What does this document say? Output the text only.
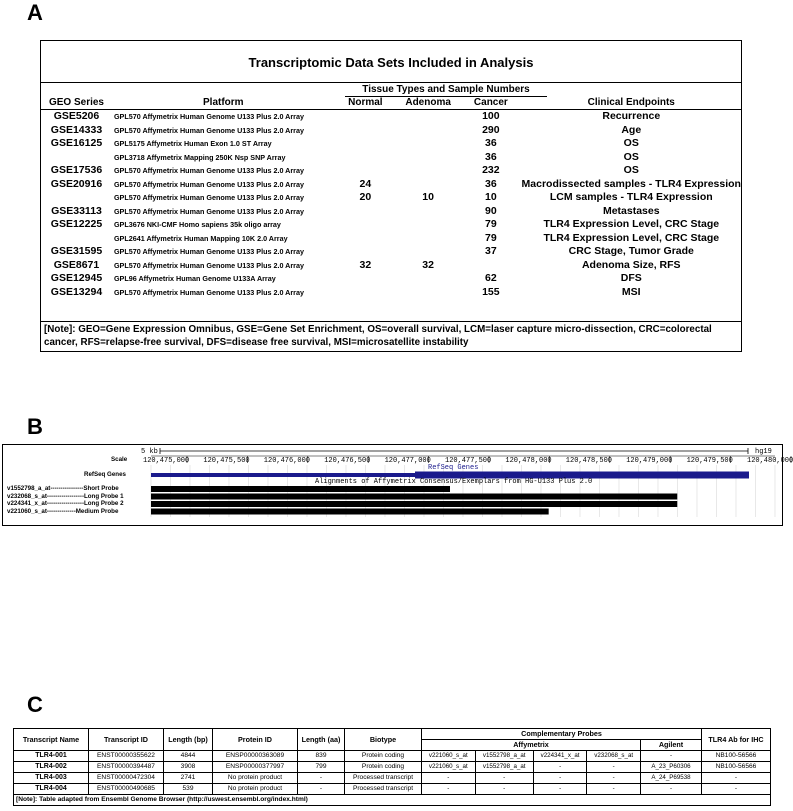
A
Transcriptomic Data Sets Included in Analysis
Tissue Types and Sample Numbers
GEO Series	Platform	Normal	Adenoma	Cancer	Clinical Endpoints
GSE5206	GPL570 Affymetrix Human Genome U133 Plus 2.0 Array			100	Recurrence
GSE14333	GPL570 Affymetrix Human Genome U133 Plus 2.0 Array			290	Age
GSE16125	GPL5175 Affymetrix Human Exon 1.0 ST Array			36	OS
	GPL3718 Affymetrix Mapping 250K Nsp SNP Array			36	OS
GSE17536	GPL570 Affymetrix Human Genome U133 Plus 2.0 Array			232	OS
GSE20916	GPL570 Affymetrix Human Genome U133 Plus 2.0 Array	24		36	Macrodissected samples - TLR4 Expression
	GPL570 Affymetrix Human Genome U133 Plus 2.0 Array	20	10	10	LCM samples - TLR4 Expression
GSE33113	GPL570 Affymetrix Human Genome U133 Plus 2.0 Array			90	Metastases
GSE12225	GPL3676 NKI-CMF Homo sapiens 35k oligo array			79	TLR4 Expression Level, CRC Stage
	GPL2641 Affymetrix Human Mapping 10K 2.0 Array			79	TLR4 Expression Level, CRC Stage
GSE31595	GPL570 Affymetrix Human Genome U133 Plus 2.0 Array			37	CRC Stage, Tumor Grade
GSE8671	GPL570 Affymetrix Human Genome U133 Plus 2.0 Array	32	32		Adenoma Size, RFS
GSE12945	GPL96 Affymetrix Human Genome U133A Array			62	DFS
GSE13294	GPL570 Affymetrix Human Genome U133 Plus 2.0 Array			155	MSI
[Note]: GEO=Gene Expression Omnibus, GSE=Gene Set Enrichment, OS=overall survival, LCM=laser capture micro-dissection, CRC=colorectal
cancer, RFS=relapse-free survival, DFS=disease free survival, MSI=microsatellite instability
B
Scale
5 kb	hg19
120,475,000 120,475,500 120,476,000 120,476,500 120,477,000 120,477,500 120,478,000 120,478,500 120,479,000 120,479,500 120,480,000
RefSeq Genes
RefSeq Genes
Alignments of Affymetrix Consensus/Exemplars from HG-U133 Plus 2.0
v1552798_a_at----------------Short Probe
v232068_s_at------------------Long Probe 1
v224341_x_at------------------Long Probe 2
v221060_s_at--------------Medium Probe
C
Transcript Name	Transcript ID	Length (bp)	Protein ID	Length (aa)	Biotype	Complementary Probes					TLR4 Ab for IHC
						Affymetrix				Agilent	
TLR4-001	ENST00000355622	4844	ENSP00000363089	839	Protein coding	v221060_s_at	v1552798_a_at	v224341_x_at	v232068_s_at	-	NB100-56566
TLR4-002	ENST00000394487	3908	ENSP00000377997	799	Protein coding	v221060_s_at	v1552798_a_at	-	-	A_23_P60306	NB100-56566
TLR4-003	ENST00000472304	2741	No protein product	-	Processed transcript	-	-	-	-	A_24_P69538	-
TLR4-004	ENST00000490685	539	No protein product	-	Processed transcript	-	-	-	-	-	-
[Note]: Table adapted from Ensembl Genome Browser (http://uswest.ensembl.org/index.html)											
